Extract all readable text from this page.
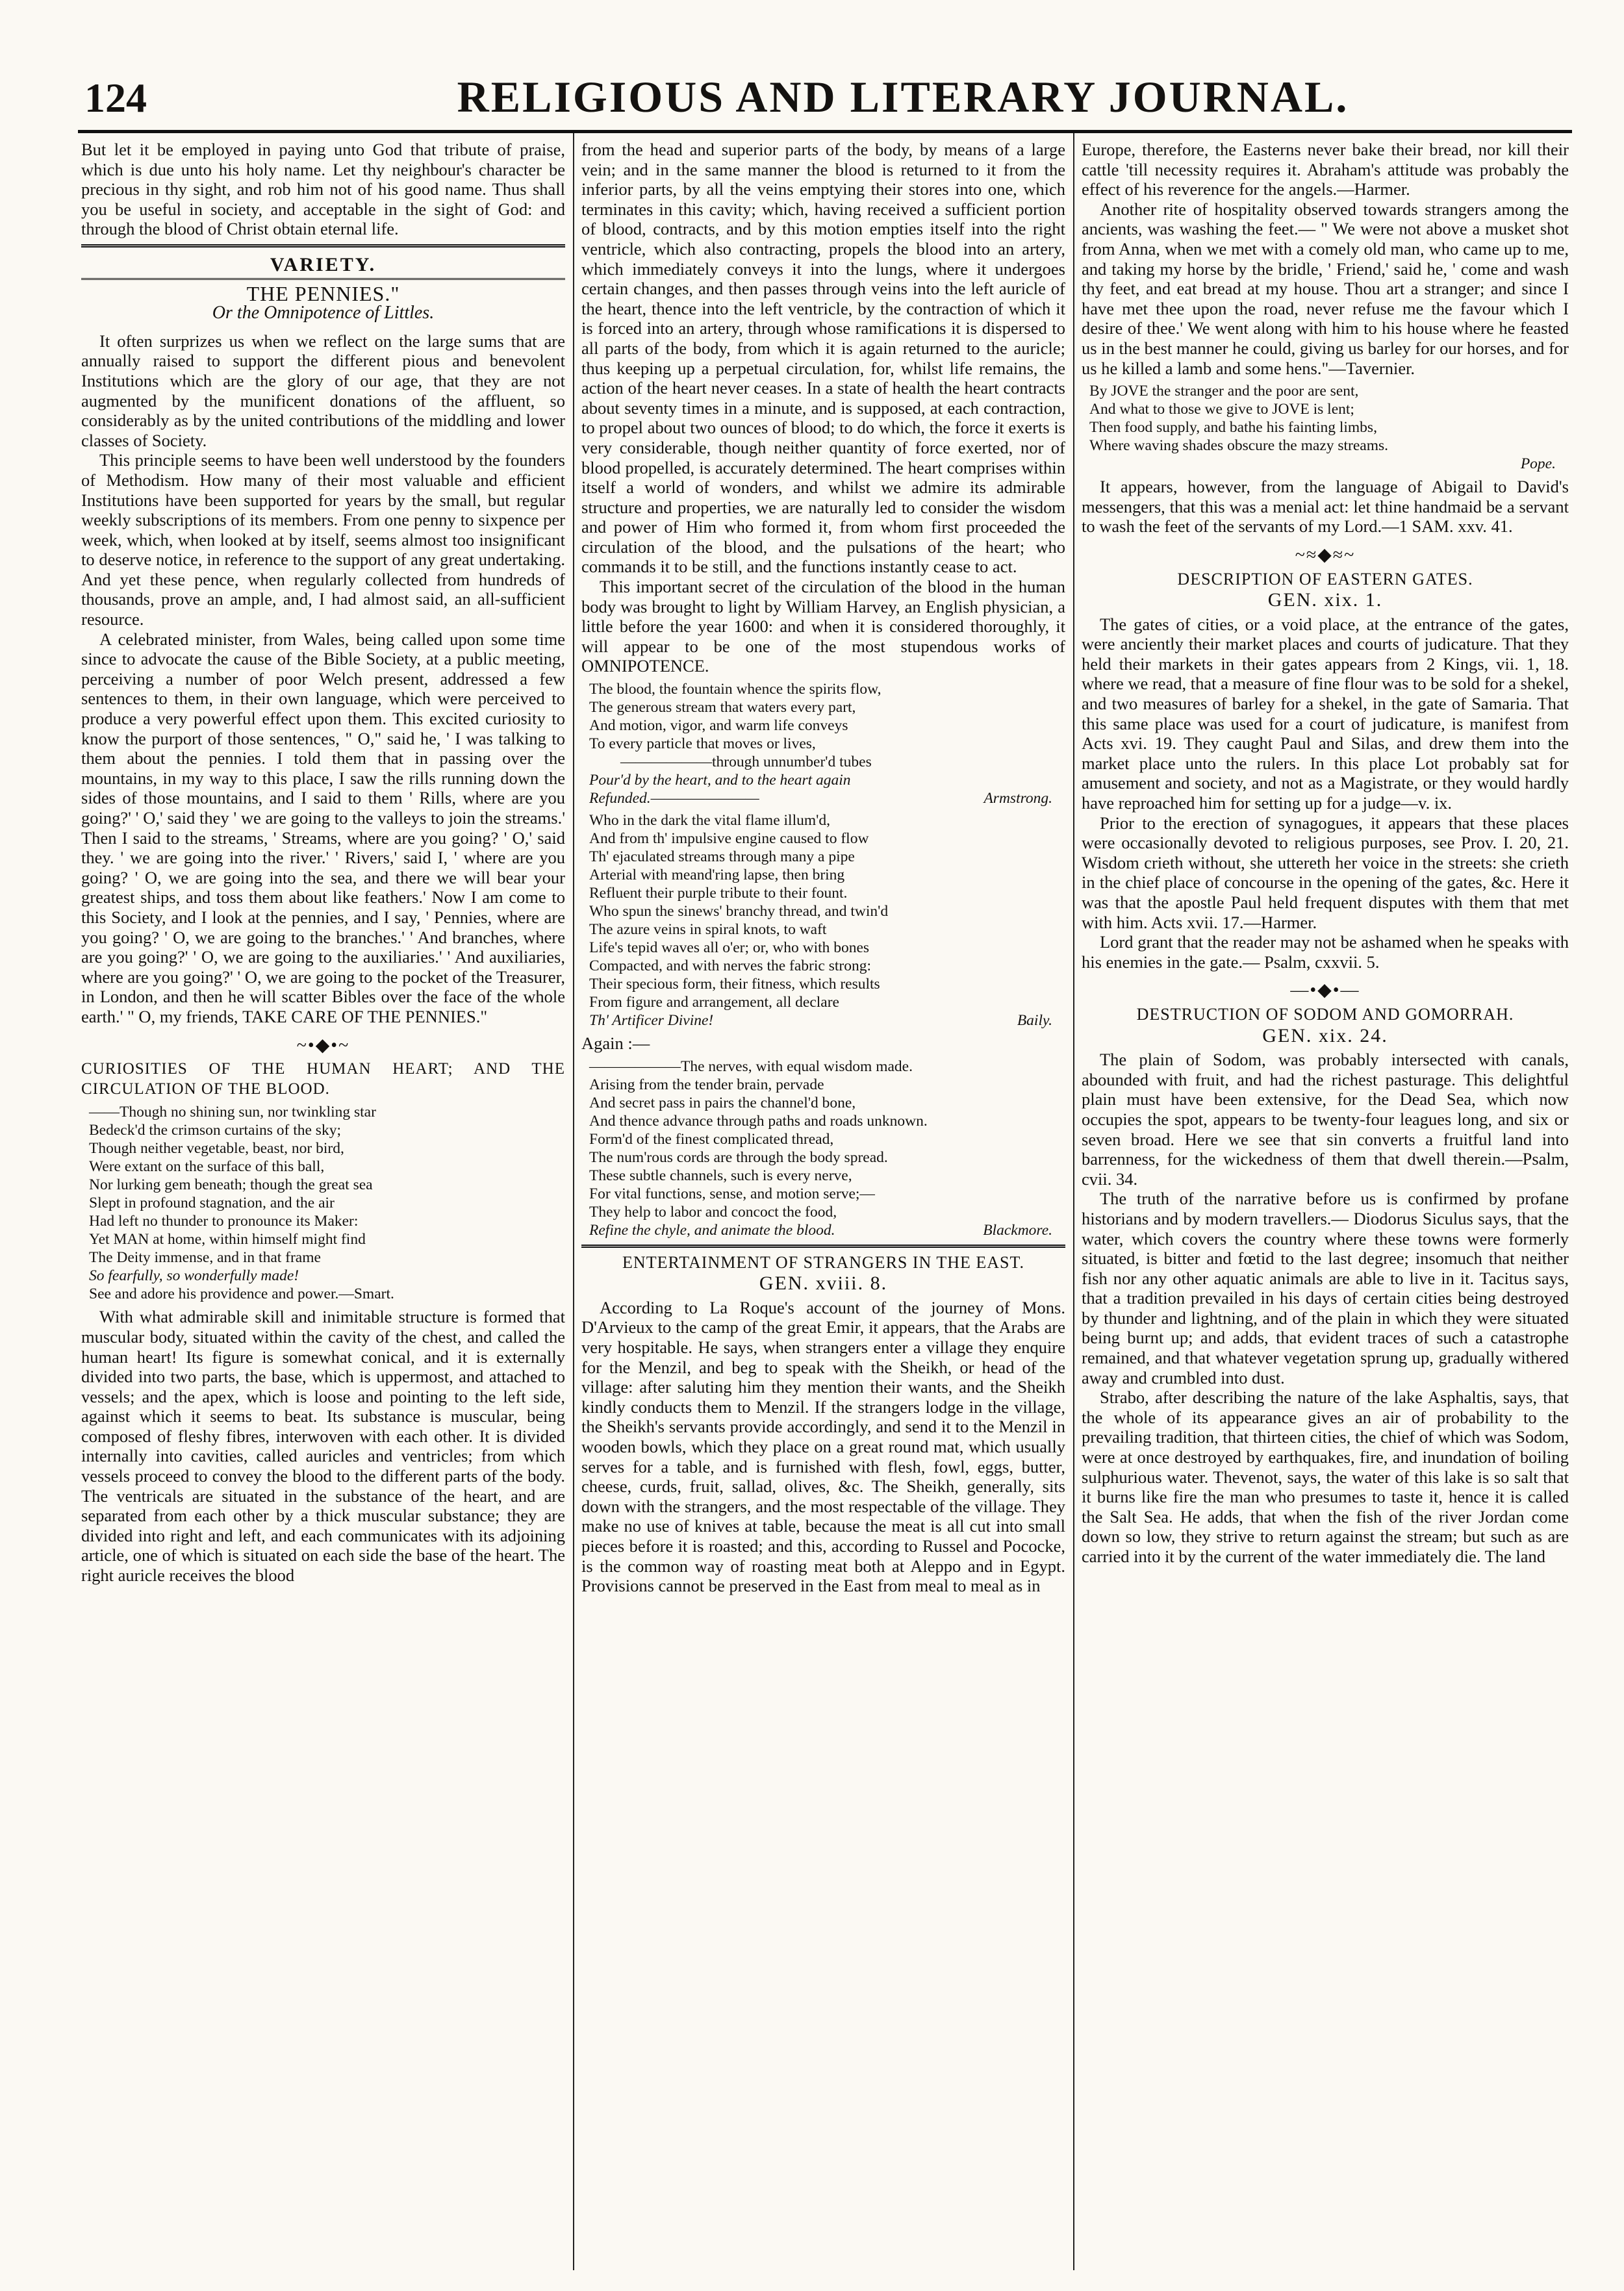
124	RELIGIOUS AND LITERARY JOURNAL.

But let it be employed in paying unto God that tribute of praise, which is due unto his holy name. Let thy neighbour's character be precious in thy sight, and rob him not of his good name. Thus shall you be useful in society, and acceptable in the sight of God: and through the blood of Christ obtain eternal life.

VARIETY.
THE PENNIES."
Or the Omnipotence of Littles.

It often surprizes us when we reflect on the large sums that are annually raised to support the different pious and benevolent Institutions which are the glory of our age, that they are not augmented by the munificent donations of the affluent, so considerably as by the united contributions of the middling and lower classes of Society.

This principle seems to have been well understood by the founders of Methodism. How many of their most valuable and efficient Institutions have been supported for years by the small, but regular weekly subscriptions of its members. From one penny to sixpence per week, which, when looked at by itself, seems almost too insignificant to deserve notice, in reference to the support of any great undertaking. And yet these pence, when regularly collected from hundreds of thousands, prove an ample, and, I had almost said, an all-sufficient resource.

A celebrated minister, from Wales, being called upon some time since to advocate the cause of the Bible Society, at a public meeting, perceiving a number of poor Welch present, addressed a few sentences to them, in their own language, which were perceived to produce a very powerful effect upon them. This excited curiosity to know the purport of those sentences, " O," said he, ' I was talking to them about the pennies. I told them that in passing over the mountains, in my way to this place, I saw the rills running down the sides of those mountains, and I said to them ' Rills, where are you going?' ' O,' said they ' we are going to the valleys to join the streams.' Then I said to the streams, ' Streams, where are you going? ' O,' said they. ' we are going into the river.' ' Rivers,' said I, ' where are you going? ' O, we are going into the sea, and there we will bear your greatest ships, and toss them about like feathers.' Now I am come to this Society, and I look at the pennies, and I say, ' Pennies, where are you going? ' O, we are going to the branches.' ' And branches, where are you going?' ' O, we are going to the auxiliaries.' ' And auxiliaries, where are you going?' ' O, we are going to the pocket of the Treasurer, in London, and then he will scatter Bibles over the face of the whole earth.' " O, my friends, TAKE CARE OF THE PENNIES."

~•◆•~
CURIOSITIES OF THE HUMAN HEART; AND THE CIRCULATION OF THE BLOOD.
——Though no shining sun, nor twinkling star
Bedeck'd the crimson curtains of the sky;
Though neither vegetable, beast, nor bird,
Were extant on the surface of this ball,
Nor lurking gem beneath; though the great sea
Slept in profound stagnation, and the air
Had left no thunder to pronounce its Maker:
Yet MAN at home, within himself might find
The Deity immense, and in that frame
So fearfully, so wonderfully made!
See and adore his providence and power.—Smart.

With what admirable skill and inimitable structure is formed that muscular body, situated within the cavity of the chest, and called the human heart! Its figure is somewhat conical, and it is externally divided into two parts, the base, which is uppermost, and attached to vessels; and the apex, which is loose and pointing to the left side, against which it seems to beat. Its substance is muscular, being composed of fleshy fibres, interwoven with each other. It is divided internally into cavities, called auricles and ventricles; from which vessels proceed to convey the blood to the different parts of the body. The ventricals are situated in the substance of the heart, and are separated from each other by a thick muscular substance; they are divided into right and left, and each communicates with its adjoining article, one of which is situated on each side the base of the heart. The right auricle receives the blood

from the head and superior parts of the body, by means of a large vein; and in the same manner the blood is returned to it from the inferior parts, by all the veins emptying their stores into one, which terminates in this cavity; which, having received a sufficient portion of blood, contracts, and by this motion empties itself into the right ventricle, which also contracting, propels the blood into an artery, which immediately conveys it into the lungs, where it undergoes certain changes, and then passes through veins into the left auricle of the heart, thence into the left ventricle, by the contraction of which it is forced into an artery, through whose ramifications it is dispersed to all parts of the body, from which it is again returned to the auricle; thus keeping up a perpetual circulation, for, whilst life remains, the action of the heart never ceases. In a state of health the heart contracts about seventy times in a minute, and is supposed, at each contraction, to propel about two ounces of blood; to do which, the force it exerts is very considerable, though neither quantity of force exerted, nor of blood propelled, is accurately determined. The heart comprises within itself a world of wonders, and whilst we admire its admirable structure and properties, we are naturally led to consider the wisdom and power of Him who formed it, from whom first proceeded the circulation of the blood, and the pulsations of the heart; who commands it to be still, and the functions instantly cease to act.

This important secret of the circulation of the blood in the human body was brought to light by William Harvey, an English physician, a little before the year 1600: and when it is considered thoroughly, it will appear to be one of the most stupendous works of OMNIPOTENCE.

The blood, the fountain whence the spirits flow,
The generous stream that waters every part,
And motion, vigor, and warm life conveys
To every particle that moves or lives,
——————through unnumber'd tubes
Pour'd by the heart, and to the heart again
Refunded.————————	Armstrong.
Who in the dark the vital flame illum'd,
And from th' impulsive engine caused to flow
Th' ejaculated streams through many a pipe
Arterial with meand'ring lapse, then bring
Refluent their purple tribute to their fount.
Who spun the sinews' branchy thread, and twin'd
The azure veins in spiral knots, to waft
Life's tepid waves all o'er; or, who with bones
Compacted, and with nerves the fabric strong:
Their specious form, their fitness, which results
From figure and arrangement, all declare
Th' Artificer Divine!	Baily.

Again :—

——————The nerves, with equal wisdom made.
Arising from the tender brain, pervade
And secret pass in pairs the channel'd bone,
And thence advance through paths and roads unknown.
Form'd of the finest complicated thread,
The num'rous cords are through the body spread.
These subtle channels, such is every nerve,
For vital functions, sense, and motion serve;—
They help to labor and concoct the food,
Refine the chyle, and animate the blood.	Blackmore.
ENTERTAINMENT OF STRANGERS IN THE EAST.
GEN. xviii. 8.

According to La Roque's account of the journey of Mons. D'Arvieux to the camp of the great Emir, it appears, that the Arabs are very hospitable. He says, when strangers enter a village they enquire for the Menzil, and beg to speak with the Sheikh, or head of the village: after saluting him they mention their wants, and the Sheikh kindly conducts them to Menzil. If the strangers lodge in the village, the Sheikh's servants provide accordingly, and send it to the Menzil in wooden bowls, which they place on a great round mat, which usually serves for a table, and is furnished with flesh, fowl, eggs, butter, cheese, curds, fruit, sallad, olives, &c. The Sheikh, generally, sits down with the strangers, and the most respectable of the village. They make no use of knives at table, because the meat is all cut into small pieces before it is roasted; and this, according to Russel and Pococke, is the common way of roasting meat both at Aleppo and in Egypt. Provisions cannot be preserved in the East from meal to meal as in

Europe, therefore, the Easterns never bake their bread, nor kill their cattle 'till necessity requires it. Abraham's attitude was probably the effect of his reverence for the angels.—Harmer.

Another rite of hospitality observed towards strangers among the ancients, was washing the feet.— " We were not above a musket shot from Anna, when we met with a comely old man, who came up to me, and taking my horse by the bridle, ' Friend,' said he, ' come and wash thy feet, and eat bread at my house. Thou art a stranger; and since I have met thee upon the road, never refuse me the favour which I desire of thee.' We went along with him to his house where he feasted us in the best manner he could, giving us barley for our horses, and for us he killed a lamb and some hens."—Tavernier.

By JOVE the stranger and the poor are sent,
And what to those we give to JOVE is lent;
Then food supply, and bathe his fainting limbs,
Where waving shades obscure the mazy streams.
Pope.

It appears, however, from the language of Abigail to David's messengers, that this was a menial act: let thine handmaid be a servant to wash the feet of the servants of my Lord.—1 SAM. xxv. 41.

~≈◆≈~
DESCRIPTION OF EASTERN GATES.
GEN. xix. 1.

The gates of cities, or a void place, at the entrance of the gates, were anciently their market places and courts of judicature. That they held their markets in their gates appears from 2 Kings, vii. 1, 18. where we read, that a measure of fine flour was to be sold for a shekel, and two measures of barley for a shekel, in the gate of Samaria. That this same place was used for a court of judicature, is manifest from Acts xvi. 19. They caught Paul and Silas, and drew them into the market place unto the rulers. In this place Lot probably sat for amusement and society, and not as a Magistrate, or they would hardly have reproached him for setting up for a judge—v. ix.

Prior to the erection of synagogues, it appears that these places were occasionally devoted to religious purposes, see Prov. I. 20, 21. Wisdom crieth without, she uttereth her voice in the streets: she crieth in the chief place of concourse in the opening of the gates, &c. Here it was that the apostle Paul held frequent disputes with them that met with him. Acts xvii. 17.—Harmer.

Lord grant that the reader may not be ashamed when he speaks with his enemies in the gate.— Psalm, cxxvii. 5.

—•◆•—
DESTRUCTION OF SODOM AND GOMORRAH.
GEN. xix. 24.

The plain of Sodom, was probably intersected with canals, abounded with fruit, and had the richest pasturage. This delightful plain must have been extensive, for the Dead Sea, which now occupies the spot, appears to be twenty-four leagues long, and six or seven broad. Here we see that sin converts a fruitful land into barrenness, for the wickedness of them that dwell therein.—Psalm, cvii. 34.

The truth of the narrative before us is confirmed by profane historians and by modern travellers.— Diodorus Siculus says, that the water, which covers the country where these towns were formerly situated, is bitter and fœtid to the last degree; insomuch that neither fish nor any other aquatic animals are able to live in it. Tacitus says, that a tradition prevailed in his days of certain cities being destroyed by thunder and lightning, and of the plain in which they were situated being burnt up; and adds, that evident traces of such a catastrophe remained, and that whatever vegetation sprung up, gradually withered away and crumbled into dust.

Strabo, after describing the nature of the lake Asphaltis, says, that the whole of its appearance gives an air of probability to the prevailing tradition, that thirteen cities, the chief of which was Sodom, were at once destroyed by earthquakes, fire, and inundation of boiling sulphurious water. Thevenot, says, the water of this lake is so salt that it burns like fire the man who presumes to taste it, hence it is called the Salt Sea. He adds, that when the fish of the river Jordan come down so low, they strive to return against the stream; but such as are carried into it by the current of the water immediately die. The land
